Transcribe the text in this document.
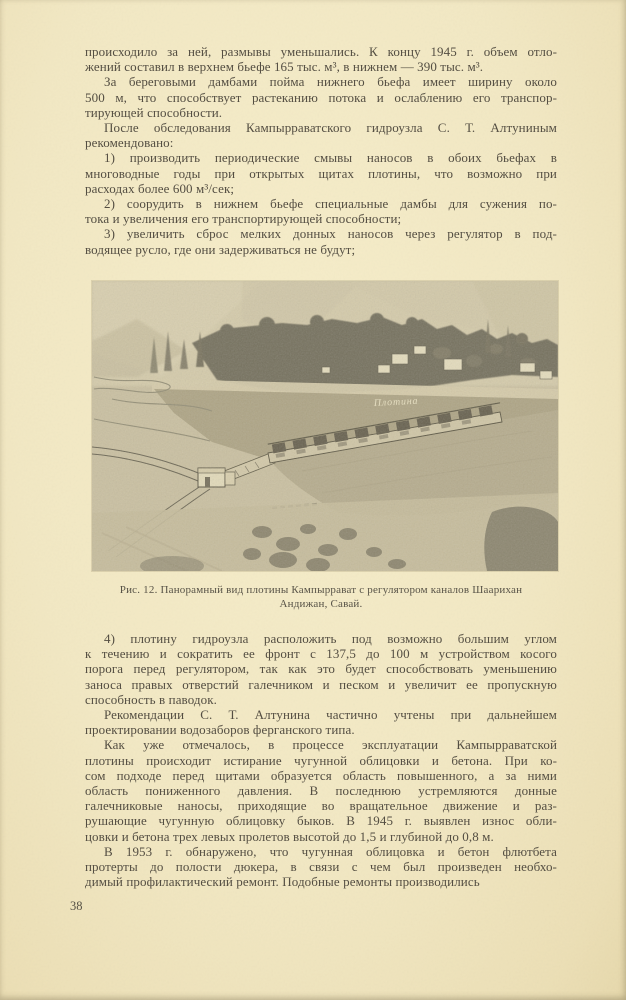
происходило за ней, размывы уменьшались. К концу 1945 г. объем отло-
жений составил в верхнем бьефе 165 тыс. м³, в нижнем — 390 тыс. м³.
За береговыми дамбами пойма нижнего бьефа имеет ширину около
500 м, что способствует растеканию потока и ослаблению его транспор-
тирующей способности.
После обследования Кампырраватского гидроузла С. Т. Алтуниным
рекомендовано:
1) производить периодические смывы наносов в обоих бьефах в
многоводные годы при открытых щитах плотины, что возможно при
расходах более 600 м³/сек;
2) соорудить в нижнем бьефе специальные дамбы для сужения по-
тока и увеличения его транспортирующей способности;
3) увеличить сброс мелких донных наносов через регулятор в под-
водящее русло, где они задерживаться не будут;
Плотина
Рис. 12. Панорамный вид плотины Кампыррават с регулятором каналов Шаарихан
Андижан, Савай.
4) плотину гидроузла расположить под возможно большим углом
к течению и сократить ее фронт с 137,5 до 100 м устройством косого
порога перед регулятором, так как это будет способствовать уменьшению
заноса правых отверстий галечником и песком и увеличит ее пропускную
способность в паводок.
Рекомендации С. Т. Алтунина частично учтены при дальнейшем
проектировании водозаборов ферганского типа.
Как уже отмечалось, в процессе эксплуатации Кампырраватской
плотины происходит истирание чугунной облицовки и бетона. При ко-
сом подходе перед щитами образуется область повышенного, а за ними
область пониженного давления. В последнюю устремляются донные
галечниковые наносы, приходящие во вращательное движение и раз-
рушающие чугунную облицовку быков. В 1945 г. выявлен износ обли-
цовки и бетона трех левых пролетов высотой до 1,5 и глубиной до 0,8 м.
В 1953 г. обнаружено, что чугунная облицовка и бетон флютбета
протерты до полости дюкера, в связи с чем был произведен необхо-
димый профилактический ремонт. Подобные ремонты производились
38
